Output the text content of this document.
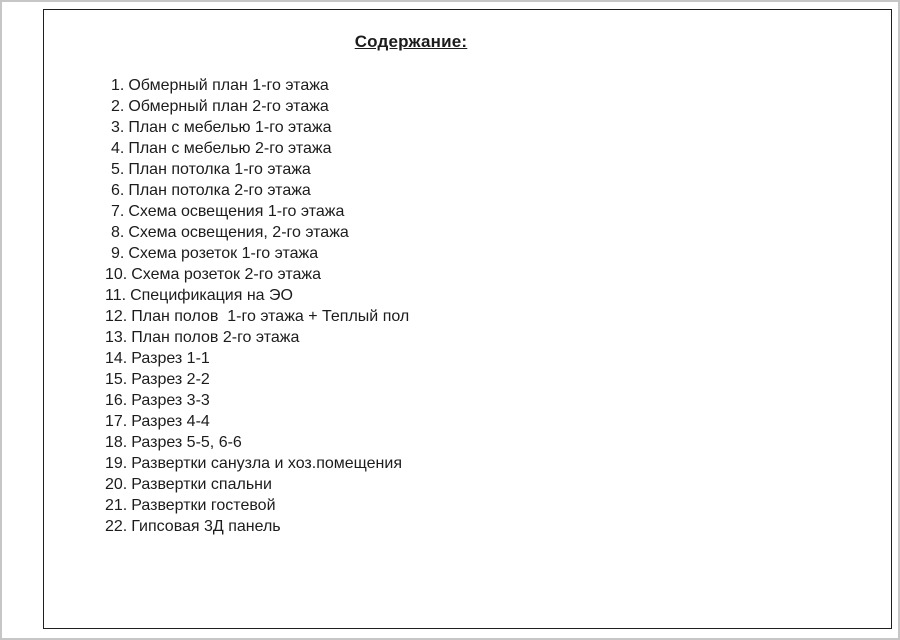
Содержание:
1. Обмерный план 1-го этажа
2. Обмерный план 2-го этажа
3. План с мебелью 1-го этажа
4. План с мебелью 2-го этажа
5. План потолка 1-го этажа
6. План потолка 2-го этажа
7. Схема освещения 1-го этажа
8. Схема освещения, 2-го этажа
9. Схема розеток 1-го этажа
10. Схема розеток 2-го этажа
11. Спецификация на ЭО
12. План полов  1-го этажа + Теплый пол
13. План полов 2-го этажа
14. Разрез 1-1
15. Разрез 2-2
16. Разрез 3-3
17. Разрез 4-4
18. Разрез 5-5, 6-6
19. Развертки санузла и хоз.помещения
20. Развертки спальни
21. Развертки гостевой
22. Гипсовая 3Д панель
